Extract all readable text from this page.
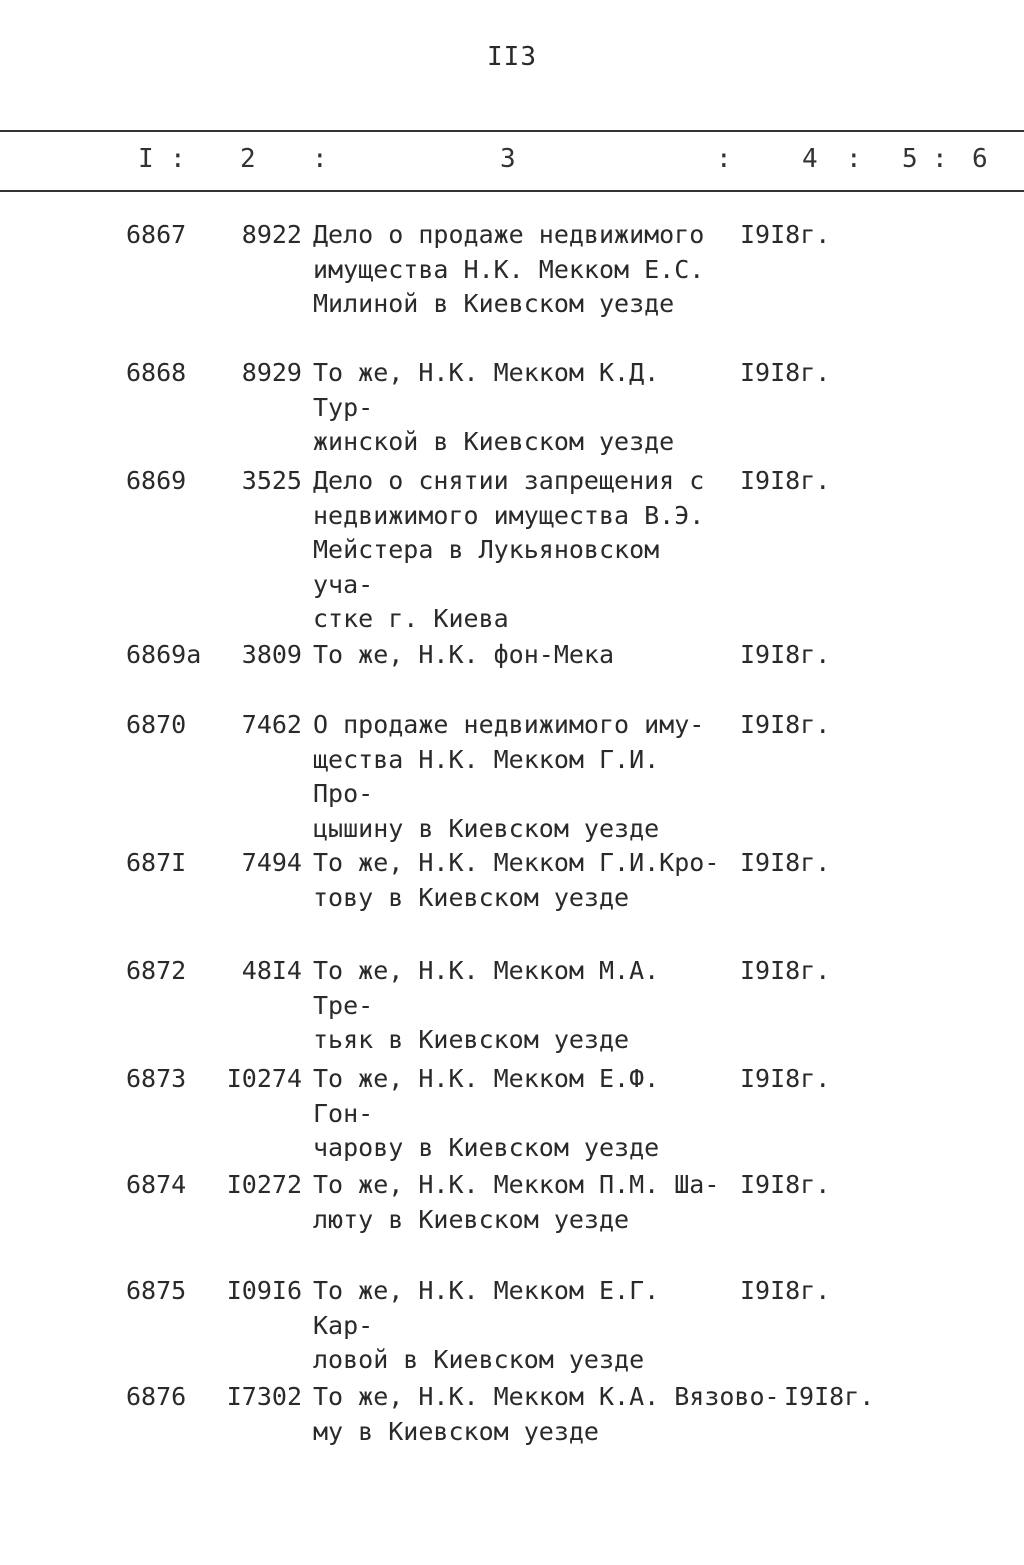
II3
I : 2 :	3	:	4 : 5 : 6
6867	8922 Дело о продаже недвижимого
имущества Н.К. Мекком Е.С.
Милиной в Киевском уезде
I9I8г.
6868	8929 То же, Н.К. Мекком К.Д. Тур-
жинской в Киевском уезде
I9I8г.
6869	3525 Дело о снятии запрещения с
недвижимого имущества В.Э.
Мейстера в Лукьяновском уча-
стке г. Киева
I9I8г.
6869а	3809 То же, Н.К. фон-Мека	I9I8г.
6870	7462 О продаже недвижимого иму-
щества Н.К. Мекком Г.И. Про-
цышину в Киевском уезде
I9I8г.
687I	7494 То же, Н.К. Мекком Г.И.Кро-
тову в Киевском уезде
I9I8г.
6872	48I4 То же, Н.К. Мекком М.А. Тре-
тьяк в Киевском уезде
I9I8г.
6873	I0274 То же, Н.К. Мекком Е.Ф. Гон-
чарову в Киевском уезде
I9I8г.
6874	I0272 То же, Н.К. Мекком П.М. Ша-
люту в Киевском уезде
I9I8г.
6875	I09I6 То же, Н.К. Мекком Е.Г. Кар-
ловой в Киевском уезде
I9I8г.
6876	I7302 То же, Н.К. Мекком К.А. Вязово-
му в Киевском уезде
I9I8г.
